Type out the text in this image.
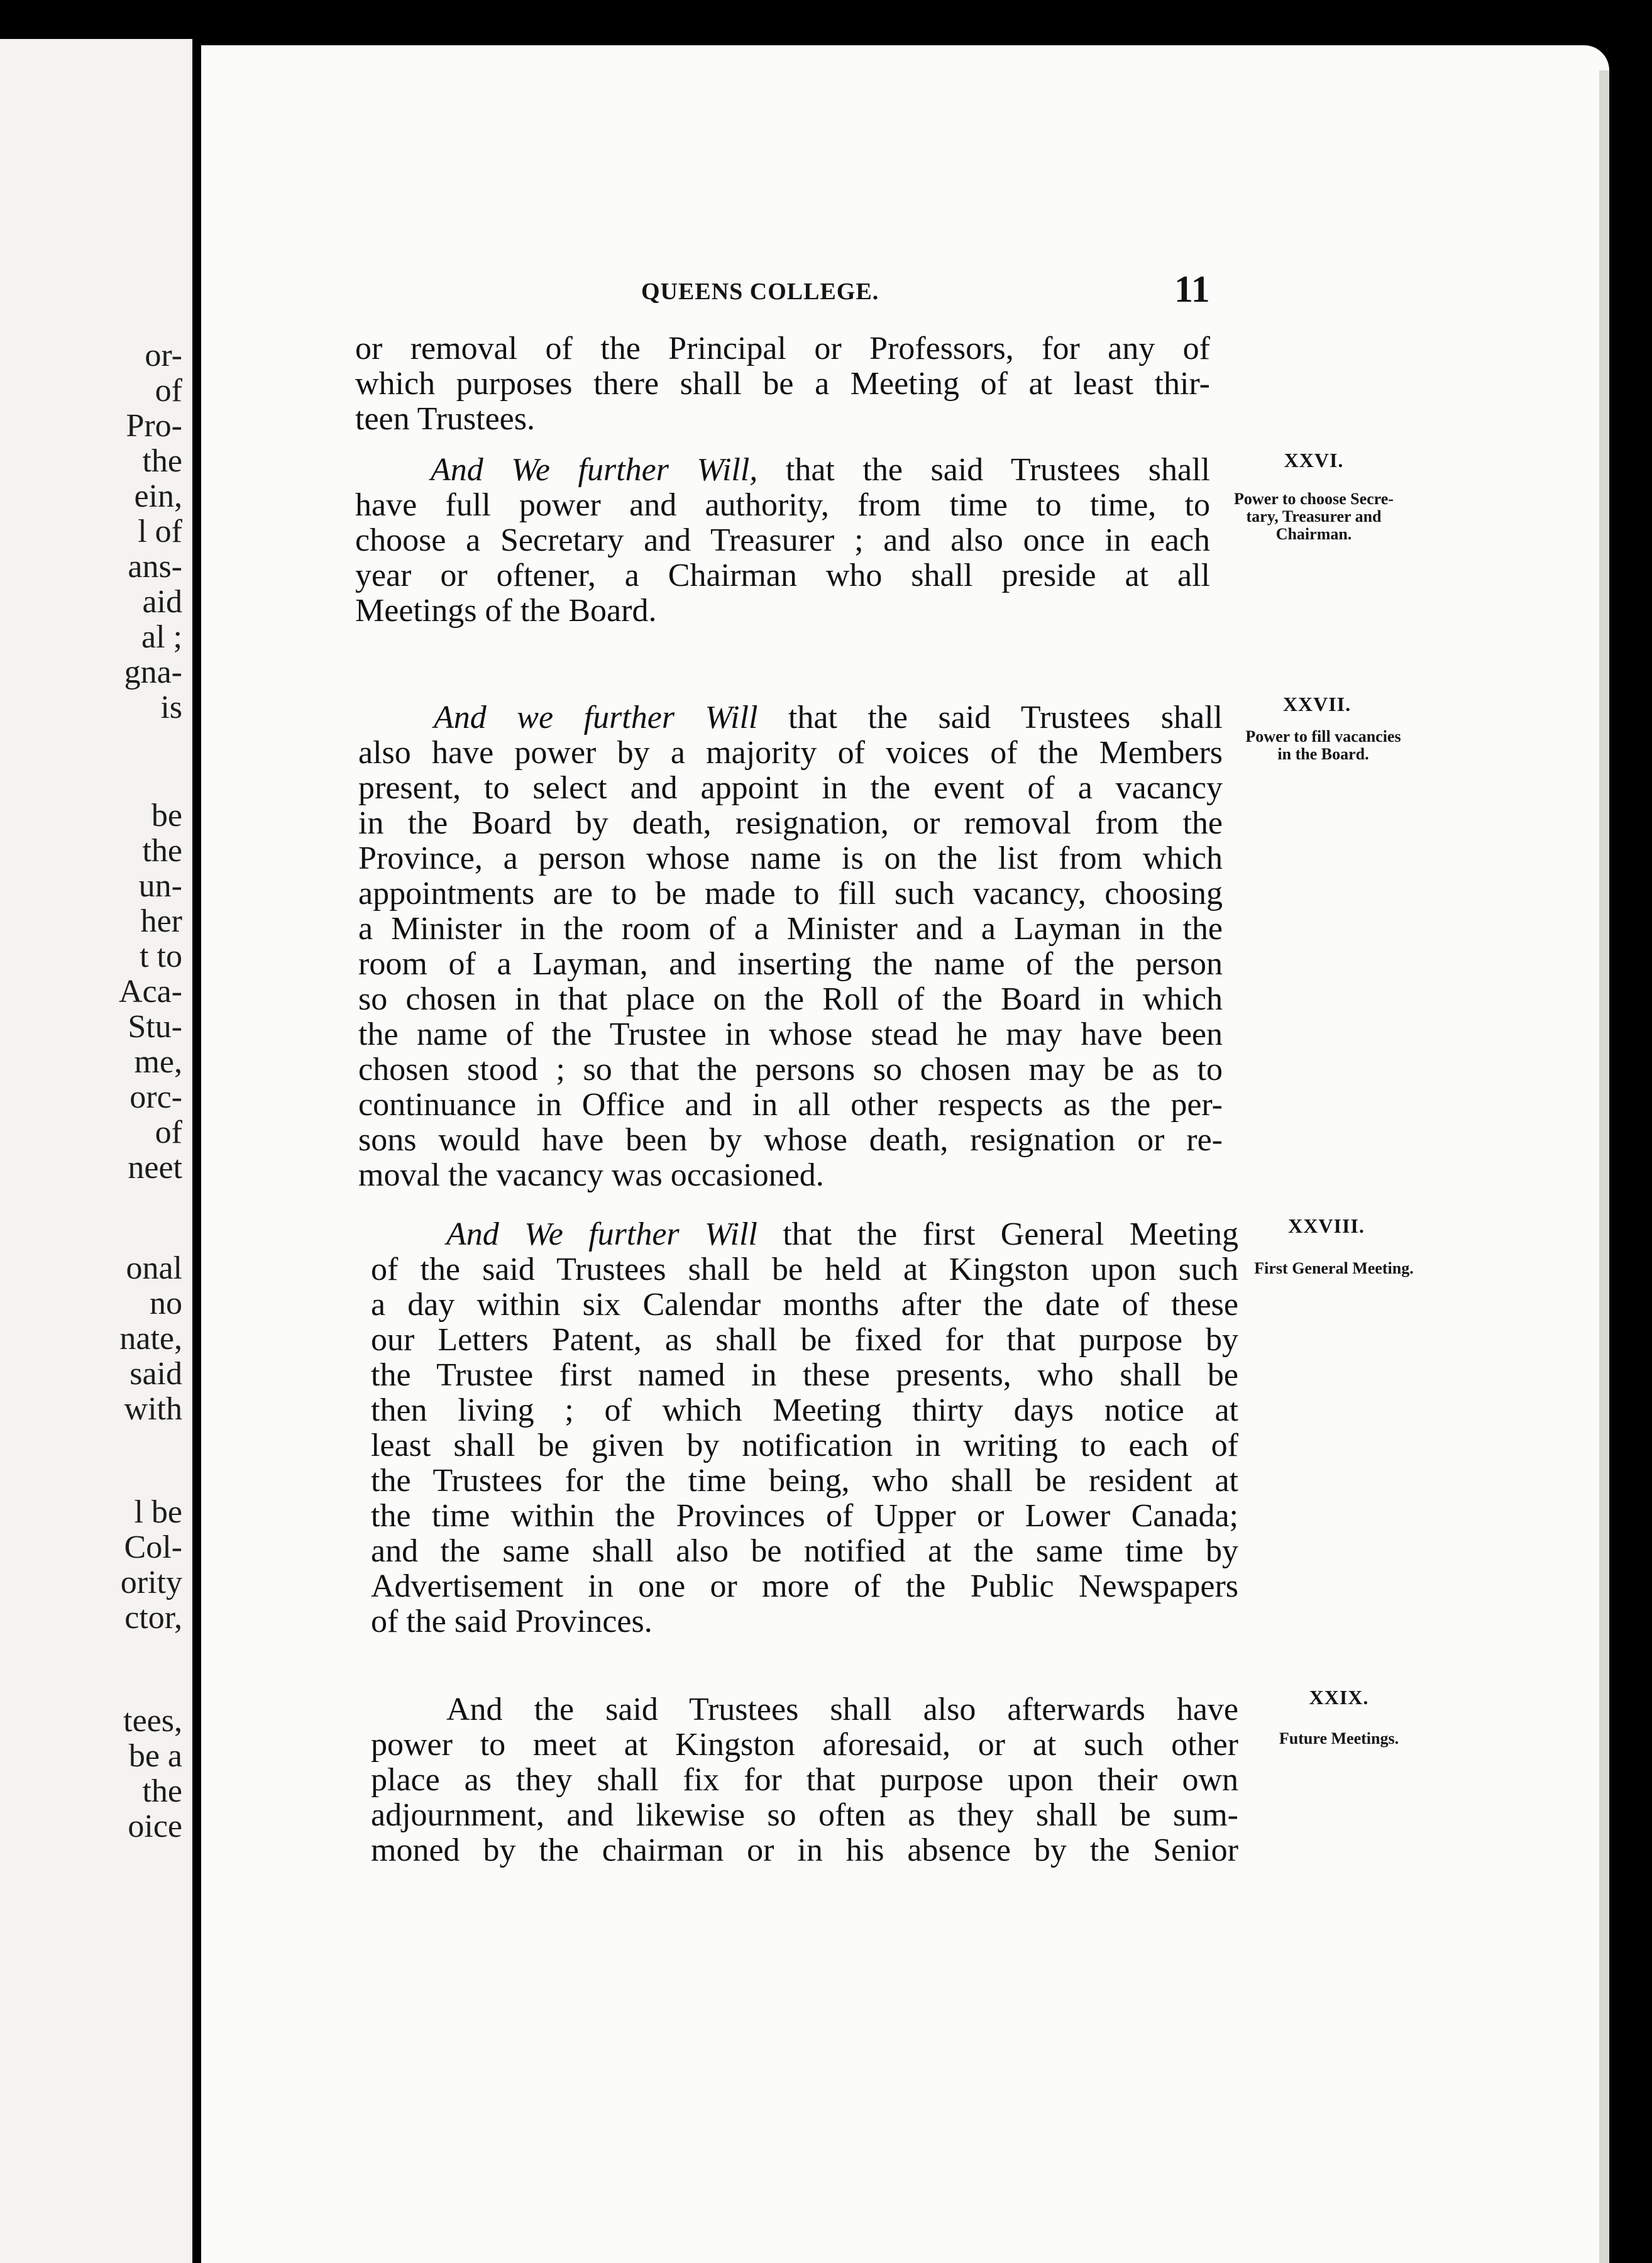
or-
of
Pro-
the
ein,
l of
ans-
aid
al ;
gna-
is
be
the
un-
her
t to
Aca-
Stu-
me,
orc-
of
neet
onal
no
nate,
said
with
l be
Col-
ority
ctor,
tees,
be a
the
oice
QUEENS COLLEGE.	11
or removal of the Principal or Professors, for any of
which purposes there shall be a Meeting of at least thir-
teen Trustees.
XXVI.
Power to choose Secre-
tary, Treasurer and
Chairman.
And We further Will, that the said Trustees shall
have full power and authority, from time to time, to
choose a Secretary and Treasurer ; and also once in each
year or oftener, a Chairman who shall preside at all
Meetings of the Board.
XXVII.
Power to fill vacancies
in the Board.
And we further Will that the said Trustees shall
also have power by a majority of voices of the Members
present, to select and appoint in the event of a vacancy
in the Board by death, resignation, or removal from the
Province, a person whose name is on the list from which
appointments are to be made to fill such vacancy, choosing
a Minister in the room of a Minister and a Layman in the
room of a Layman, and inserting the name of the person
so chosen in that place on the Roll of the Board in which
the name of the Trustee in whose stead he may have been
chosen stood ; so that the persons so chosen may be as to
continuance in Office and in all other respects as the per-
sons would have been by whose death, resignation or re-
moval the vacancy was occasioned.
XXVIII.
First General Meeting.
And We further Will that the first General Meeting
of the said Trustees shall be held at Kingston upon such
a day within six Calendar months after the date of these
our Letters Patent, as shall be fixed for that purpose by
the Trustee first named in these presents, who shall be
then living ; of which Meeting thirty days notice at
least shall be given by notification in writing to each of
the Trustees for the time being, who shall be resident at
the time within the Provinces of Upper or Lower Canada;
and the same shall also be notified at the same time by
Advertisement in one or more of the Public Newspapers
of the said Provinces.
XXIX.
Future Meetings.
And the said Trustees shall also afterwards have
power to meet at Kingston aforesaid, or at such other
place as they shall fix for that purpose upon their own
adjournment, and likewise so often as they shall be sum-
moned by the chairman or in his absence by the Senior
